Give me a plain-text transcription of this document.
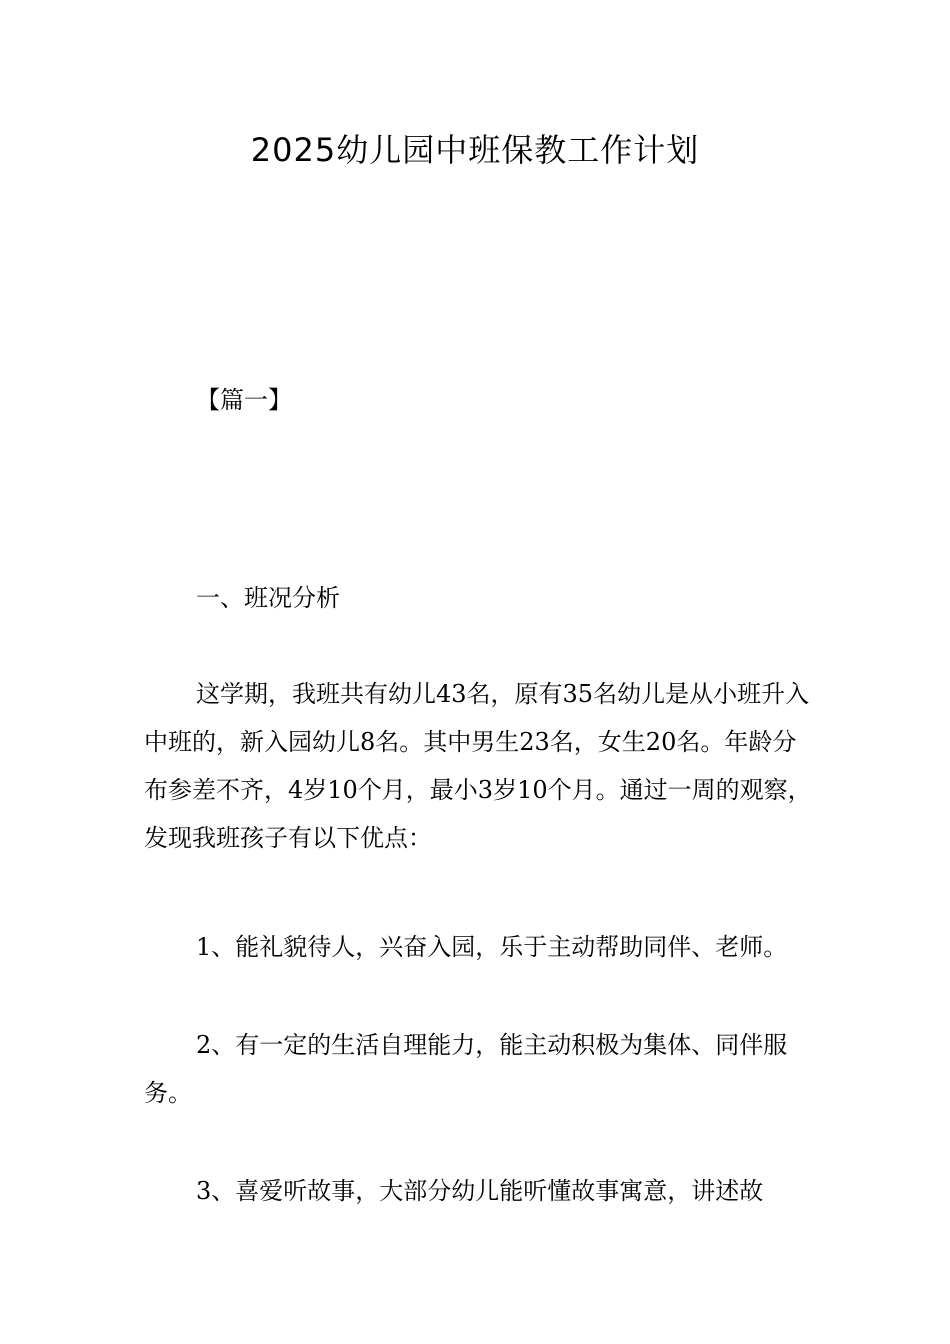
2025幼儿园中班保教工作计划

【篇一】

一、班况分析

这学期，我班共有幼儿43名，原有35名幼儿是从小班升入中班的，新入园幼儿8名。其中男生23名，女生20名。年龄分布参差不齐，4岁10个月，最小3岁10个月。通过一周的观察，发现我班孩子有以下优点：

1、能礼貌待人，兴奋入园，乐于主动帮助同伴、老师。

2、有一定的生活自理能力，能主动积极为集体、同伴服务。

3、喜爱听故事，大部分幼儿能听懂故事寓意，讲述故
